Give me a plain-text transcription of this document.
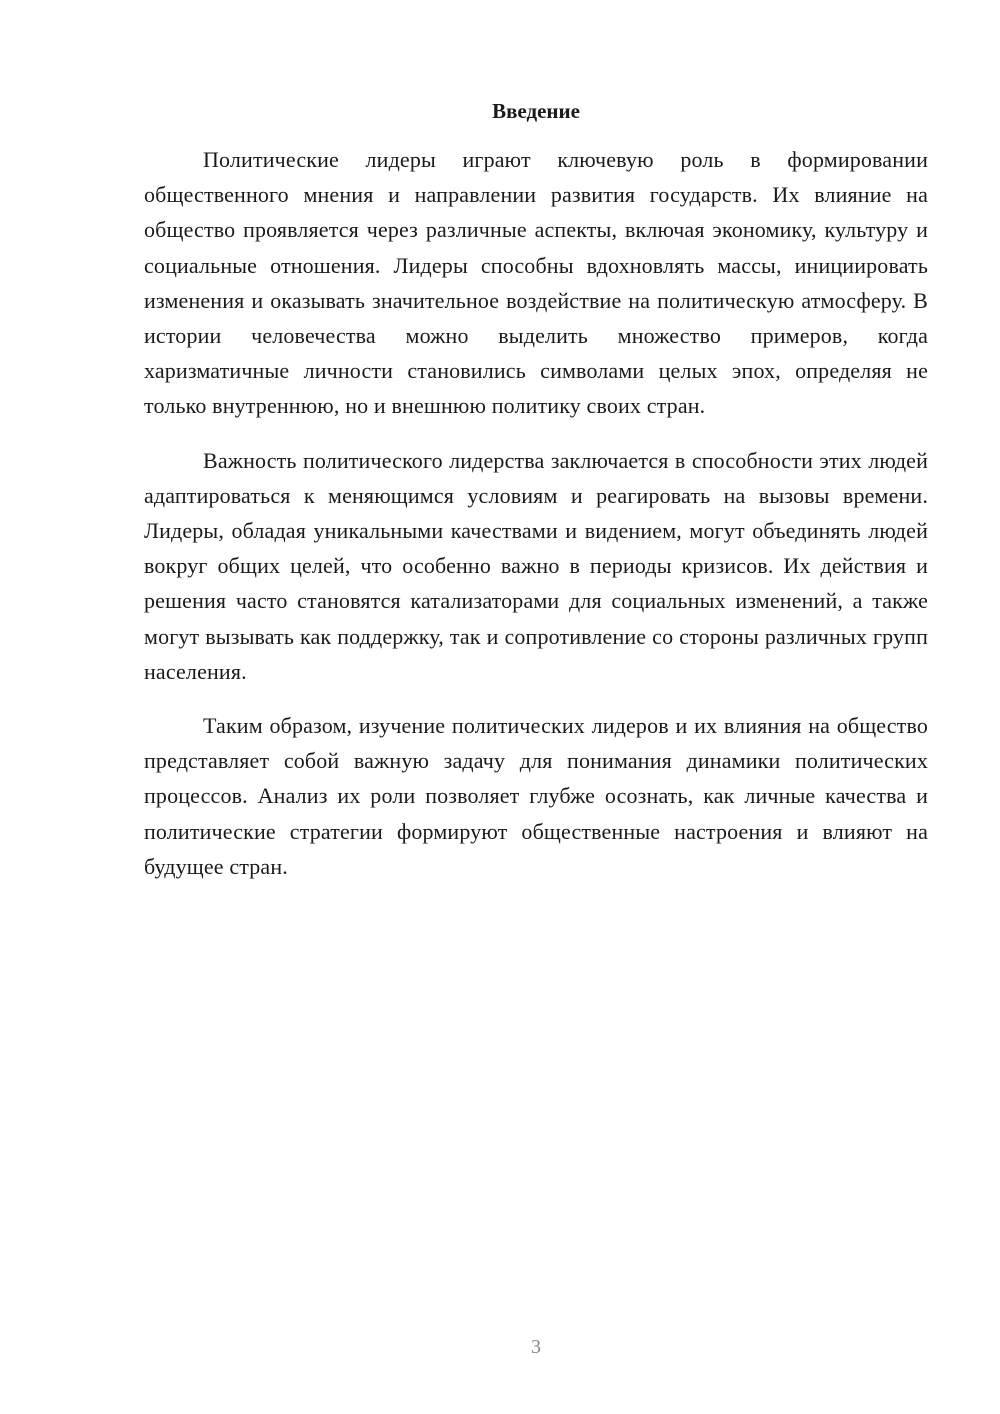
Введение

Политические лидеры играют ключевую роль в формировании общественного мнения и направлении развития государств. Их влияние на общество проявляется через различные аспекты, включая экономику, культуру и социальные отношения. Лидеры способны вдохновлять массы, инициировать изменения и оказывать значительное воздействие на политическую атмосферу. В истории человечества можно выделить множество примеров, когда харизматичные личности становились символами целых эпох, определяя не только внутреннюю, но и внешнюю политику своих стран.

Важность политического лидерства заключается в способности этих людей адаптироваться к меняющимся условиям и реагировать на вызовы времени. Лидеры, обладая уникальными качествами и видением, могут объединять людей вокруг общих целей, что особенно важно в периоды кризисов. Их действия и решения часто становятся катализаторами для социальных изменений, а также могут вызывать как поддержку, так и сопротивление со стороны различных групп населения.

Таким образом, изучение политических лидеров и их влияния на общество представляет собой важную задачу для понимания динамики политических процессов. Анализ их роли позволяет глубже осознать, как личные качества и политические стратегии формируют общественные настроения и влияют на будущее стран.

3
